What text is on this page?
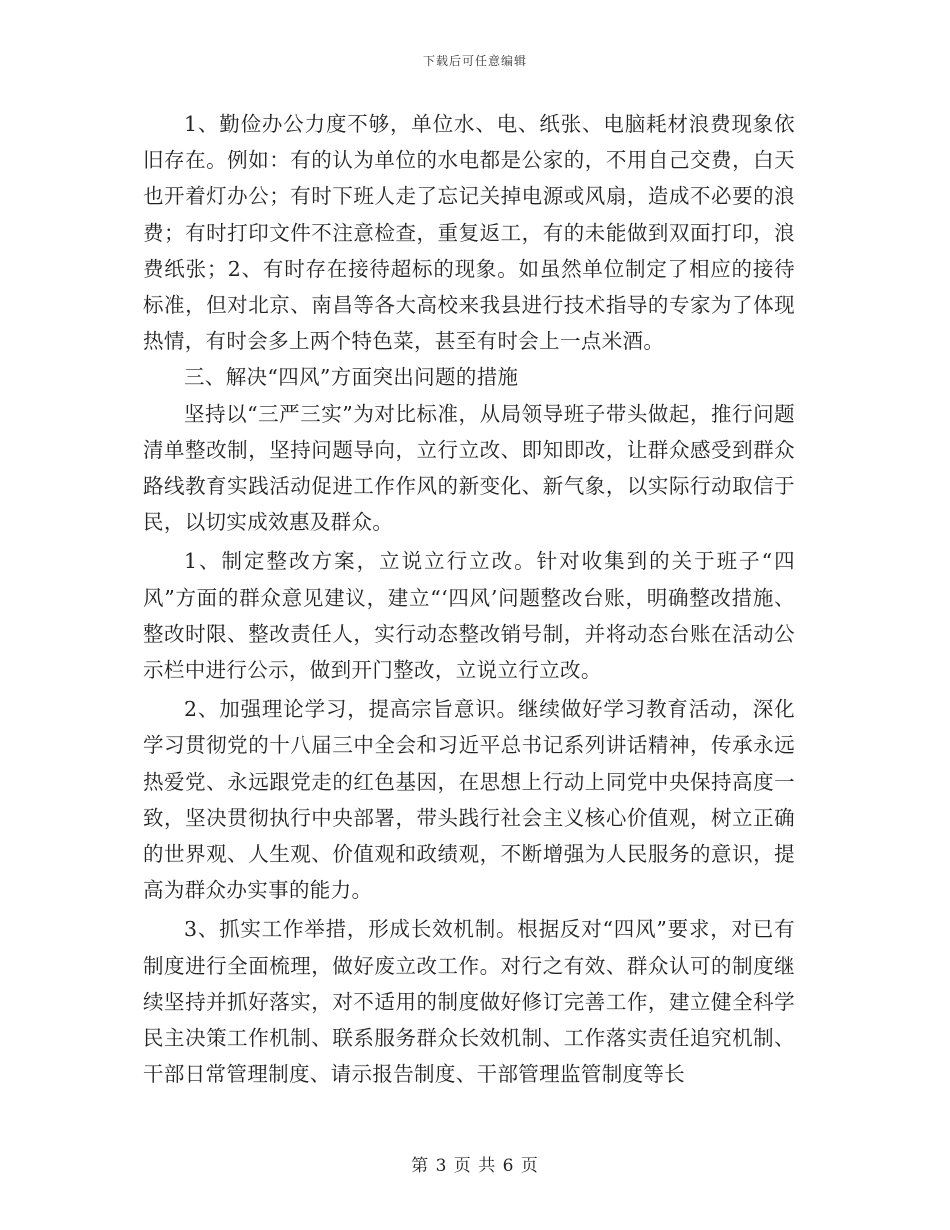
下载后可任意编辑

1、勤俭办公力度不够，单位水、电、纸张、电脑耗材浪费现象依旧存在。例如：有的认为单位的水电都是公家的，不用自己交费，白天也开着灯办公；有时下班人走了忘记关掉电源或风扇，造成不必要的浪费；有时打印文件不注意检查，重复返工，有的未能做到双面打印，浪费纸张；2、有时存在接待超标的现象。如虽然单位制定了相应的接待标准，但对北京、南昌等各大高校来我县进行技术指导的专家为了体现热情，有时会多上两个特色菜，甚至有时会上一点米酒。

三、解决“四风”方面突出问题的措施

坚持以“三严三实”为对比标准，从局领导班子带头做起，推行问题清单整改制，坚持问题导向，立行立改、即知即改，让群众感受到群众路线教育实践活动促进工作作风的新变化、新气象，以实际行动取信于民，以切实成效惠及群众。

1、制定整改方案，立说立行立改。针对收集到的关于班子“四风”方面的群众意见建议，建立“‘四风’问题整改台账，明确整改措施、整改时限、整改责任人，实行动态整改销号制，并将动态台账在活动公示栏中进行公示，做到开门整改，立说立行立改。

2、加强理论学习，提高宗旨意识。继续做好学习教育活动，深化学习贯彻党的十八届三中全会和习近平总书记系列讲话精神，传承永远热爱党、永远跟党走的红色基因，在思想上行动上同党中央保持高度一致，坚决贯彻执行中央部署，带头践行社会主义核心价值观，树立正确的世界观、人生观、价值观和政绩观，不断增强为人民服务的意识，提高为群众办实事的能力。

3、抓实工作举措，形成长效机制。根据反对“四风”要求，对已有制度进行全面梳理，做好废立改工作。对行之有效、群众认可的制度继续坚持并抓好落实，对不适用的制度做好修订完善工作，建立健全科学民主决策工作机制、联系服务群众长效机制、工作落实责任追究机制、干部日常管理制度、请示报告制度、干部管理监管制度等长

第 3 页 共 6 页
